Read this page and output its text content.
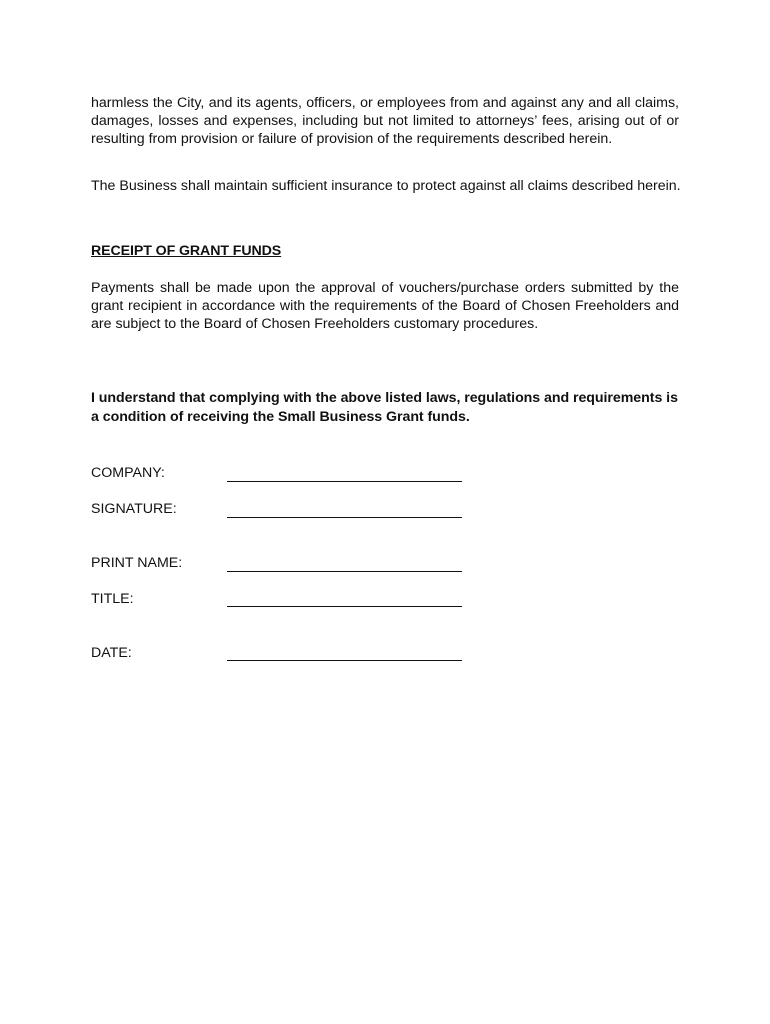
harmless the City, and its agents, officers, or employees from and against any and all claims, damages, losses and expenses, including but not limited to attorneys’ fees, arising out of or resulting from provision or failure of provision of the requirements described herein.

The Business shall maintain sufficient insurance to protect against all claims described herein.

RECEIPT OF GRANT FUNDS

Payments shall be made upon the approval of vouchers/purchase orders submitted by the grant recipient in accordance with the requirements of the Board of Chosen Freeholders and are subject to the Board of Chosen Freeholders customary procedures.

I understand that complying with the above listed laws, regulations and requirements is a condition of receiving the Small Business Grant funds.

COMPANY:

SIGNATURE:

PRINT NAME:

TITLE:

DATE:
